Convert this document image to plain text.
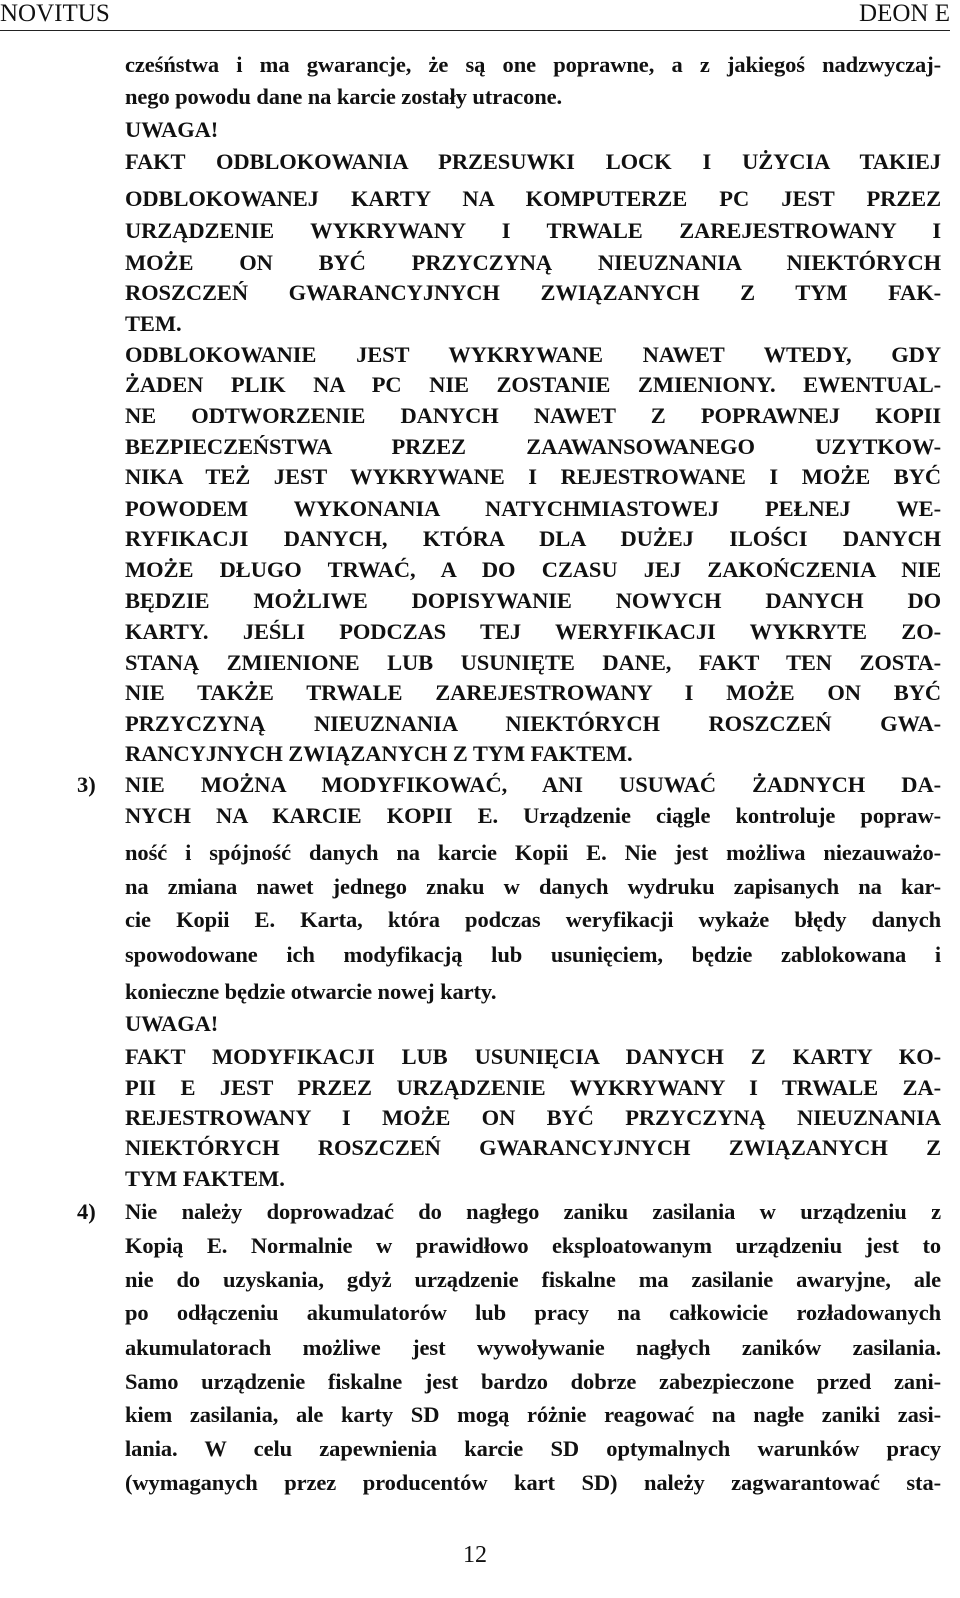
NOVITUS	DEON E
cześństwa i ma gwarancje, że są one poprawne, a z jakiegoś nadzwyczaj-
nego powodu dane na karcie zostały utracone.
UWAGA!
FAKT ODBLOKOWANIA PRZESUWKI LOCK I UŻYCIA TAKIEJ
ODBLOKOWANEJ KARTY NA KOMPUTERZE PC JEST PRZEZ
URZĄDZENIE WYKRYWANY I TRWALE ZAREJESTROWANY I
MOŻE ON BYĆ PRZYCZYNĄ NIEUZNANIA NIEKTÓRYCH
ROSZCZEŃ GWARANCYJNYCH ZWIĄZANYCH Z TYM FAK-
TEM.
ODBLOKOWANIE JEST WYKRYWANE NAWET WTEDY, GDY
ŻADEN PLIK NA PC NIE ZOSTANIE ZMIENIONY. EWENTUAL-
NE ODTWORZENIE DANYCH NAWET Z POPRAWNEJ KOPII
BEZPIECZEŃSTWA PRZEZ ZAAWANSOWANEGO UZYTKOW-
NIKA TEŻ JEST WYKRYWANE I REJESTROWANE I MOŻE BYĆ
POWODEM WYKONANIA NATYCHMIASTOWEJ PEŁNEJ WE-
RYFIKACJI DANYCH, KTÓRA DLA DUŻEJ ILOŚCI DANYCH
MOŻE DŁUGO TRWAĆ, A DO CZASU JEJ ZAKOŃCZENIA NIE
BĘDZIE MOŻLIWE DOPISYWANIE NOWYCH DANYCH DO
KARTY. JEŚLI PODCZAS TEJ WERYFIKACJI WYKRYTE ZO-
STANĄ ZMIENIONE LUB USUNIĘTE DANE, FAKT TEN ZOSTA-
NIE TAKŻE TRWALE ZAREJESTROWANY I MOŻE ON BYĆ
PRZYCZYNĄ NIEUZNANIA NIEKTÓRYCH ROSZCZEŃ GWA-
RANCYJNYCH ZWIĄZANYCH Z TYM FAKTEM.
NIE MOŻNA MODYFIKOWAĆ, ANI USUWAĆ ŻADNYCH DA-
NYCH NA KARCIE KOPII E. Urządzenie ciągle kontroluje popraw-
ność i spójność danych na karcie Kopii E. Nie jest możliwa niezauważo-
na zmiana nawet jednego znaku w danych wydruku zapisanych na kar-
cie Kopii E. Karta, która podczas weryfikacji wykaże błędy danych
spowodowane ich modyfikacją lub usunięciem, będzie zablokowana i
konieczne będzie otwarcie nowej karty.
UWAGA!
FAKT MODYFIKACJI LUB USUNIĘCIA DANYCH Z KARTY KO-
PII E JEST PRZEZ URZĄDZENIE WYKRYWANY I TRWALE ZA-
REJESTROWANY I MOŻE ON BYĆ PRZYCZYNĄ NIEUZNANIA
NIEKTÓRYCH ROSZCZEŃ GWARANCYJNYCH ZWIĄZANYCH Z
TYM FAKTEM.
Nie należy doprowadzać do nagłego zaniku zasilania w urządzeniu z
Kopią E. Normalnie w prawidłowo eksploatowanym urządzeniu jest to
nie do uzyskania, gdyż urządzenie fiskalne ma zasilanie awaryjne, ale
po odłączeniu akumulatorów lub pracy na całkowicie rozładowanych
akumulatorach możliwe jest wywoływanie nagłych zaników zasilania.
Samo urządzenie fiskalne jest bardzo dobrze zabezpieczone przed zani-
kiem zasilania, ale karty SD mogą różnie reagować na nagłe zaniki zasi-
lania. W celu zapewnienia karcie SD optymalnych warunków pracy
(wymaganych przez producentów kart SD) należy zagwarantować sta-
3)
4)
12
